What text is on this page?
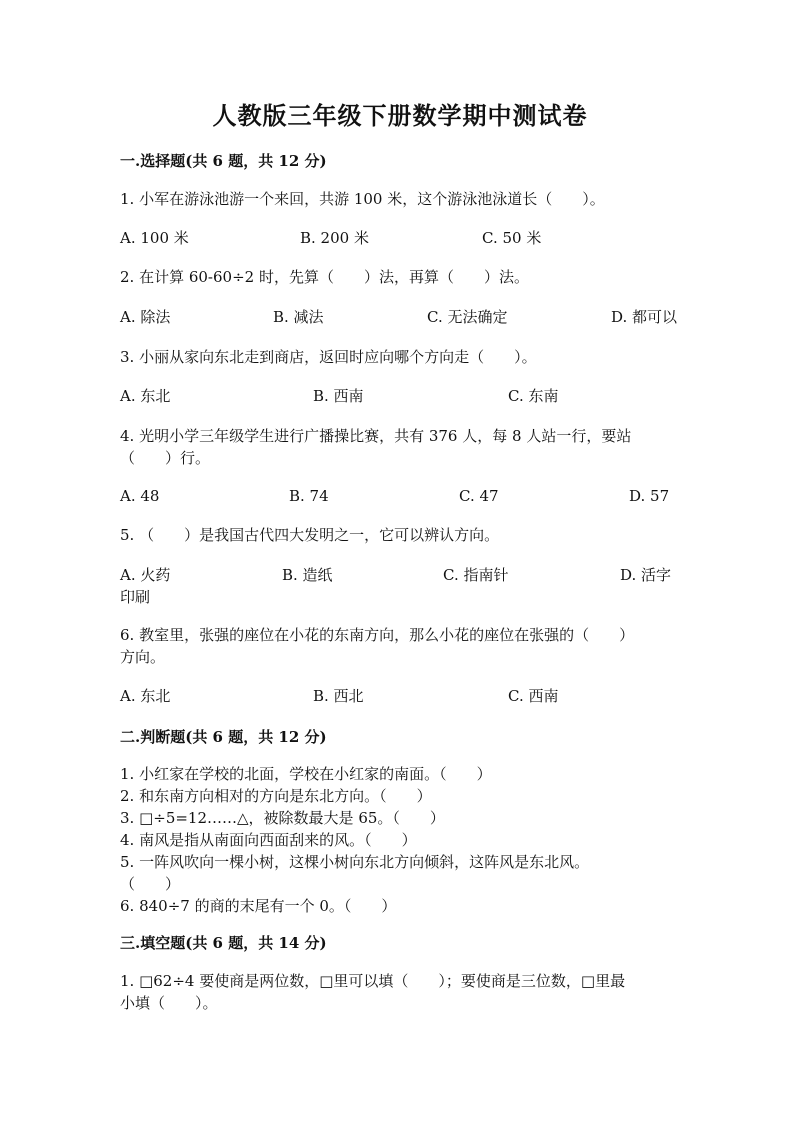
人教版三年级下册数学期中测试卷
一.选择题(共 6 题，共 12 分)
1. 小军在游泳池游一个来回，共游 100 米，这个游泳池泳道长（　　）。
A. 100 米	B. 200 米	C. 50 米
2. 在计算 60-60÷2 时，先算（　　）法，再算（　　）法。
A. 除法	B. 减法	C. 无法确定	D. 都可以
3. 小丽从家向东北走到商店，返回时应向哪个方向走（　　）。
A. 东北	B. 西南	C. 东南
4. 光明小学三年级学生进行广播操比赛，共有 376 人，每 8 人站一行，要站
（　　）行。
A. 48	B. 74	C. 47	D. 57
5. （　　）是我国古代四大发明之一，它可以辨认方向。
A. 火药	B. 造纸	C. 指南针	D. 活字
印刷
6. 教室里，张强的座位在小花的东南方向，那么小花的座位在张强的（　　）
方向。
A. 东北	B. 西北	C. 西南
二.判断题(共 6 题，共 12 分)
1. 小红家在学校的北面，学校在小红家的南面。（　　）
2. 和东南方向相对的方向是东北方向。（　　）
3. □÷5=12……△，被除数最大是 65。（　　）
4. 南风是指从南面向西面刮来的风。（　　）
5. 一阵风吹向一棵小树，这棵小树向东北方向倾斜，这阵风是东北风。
（　　）
6. 840÷7 的商的末尾有一个 0。（　　）
三.填空题(共 6 题，共 14 分)
1. □62÷4 要使商是两位数，□里可以填（　　）；要使商是三位数，□里最
小填（　　）。
